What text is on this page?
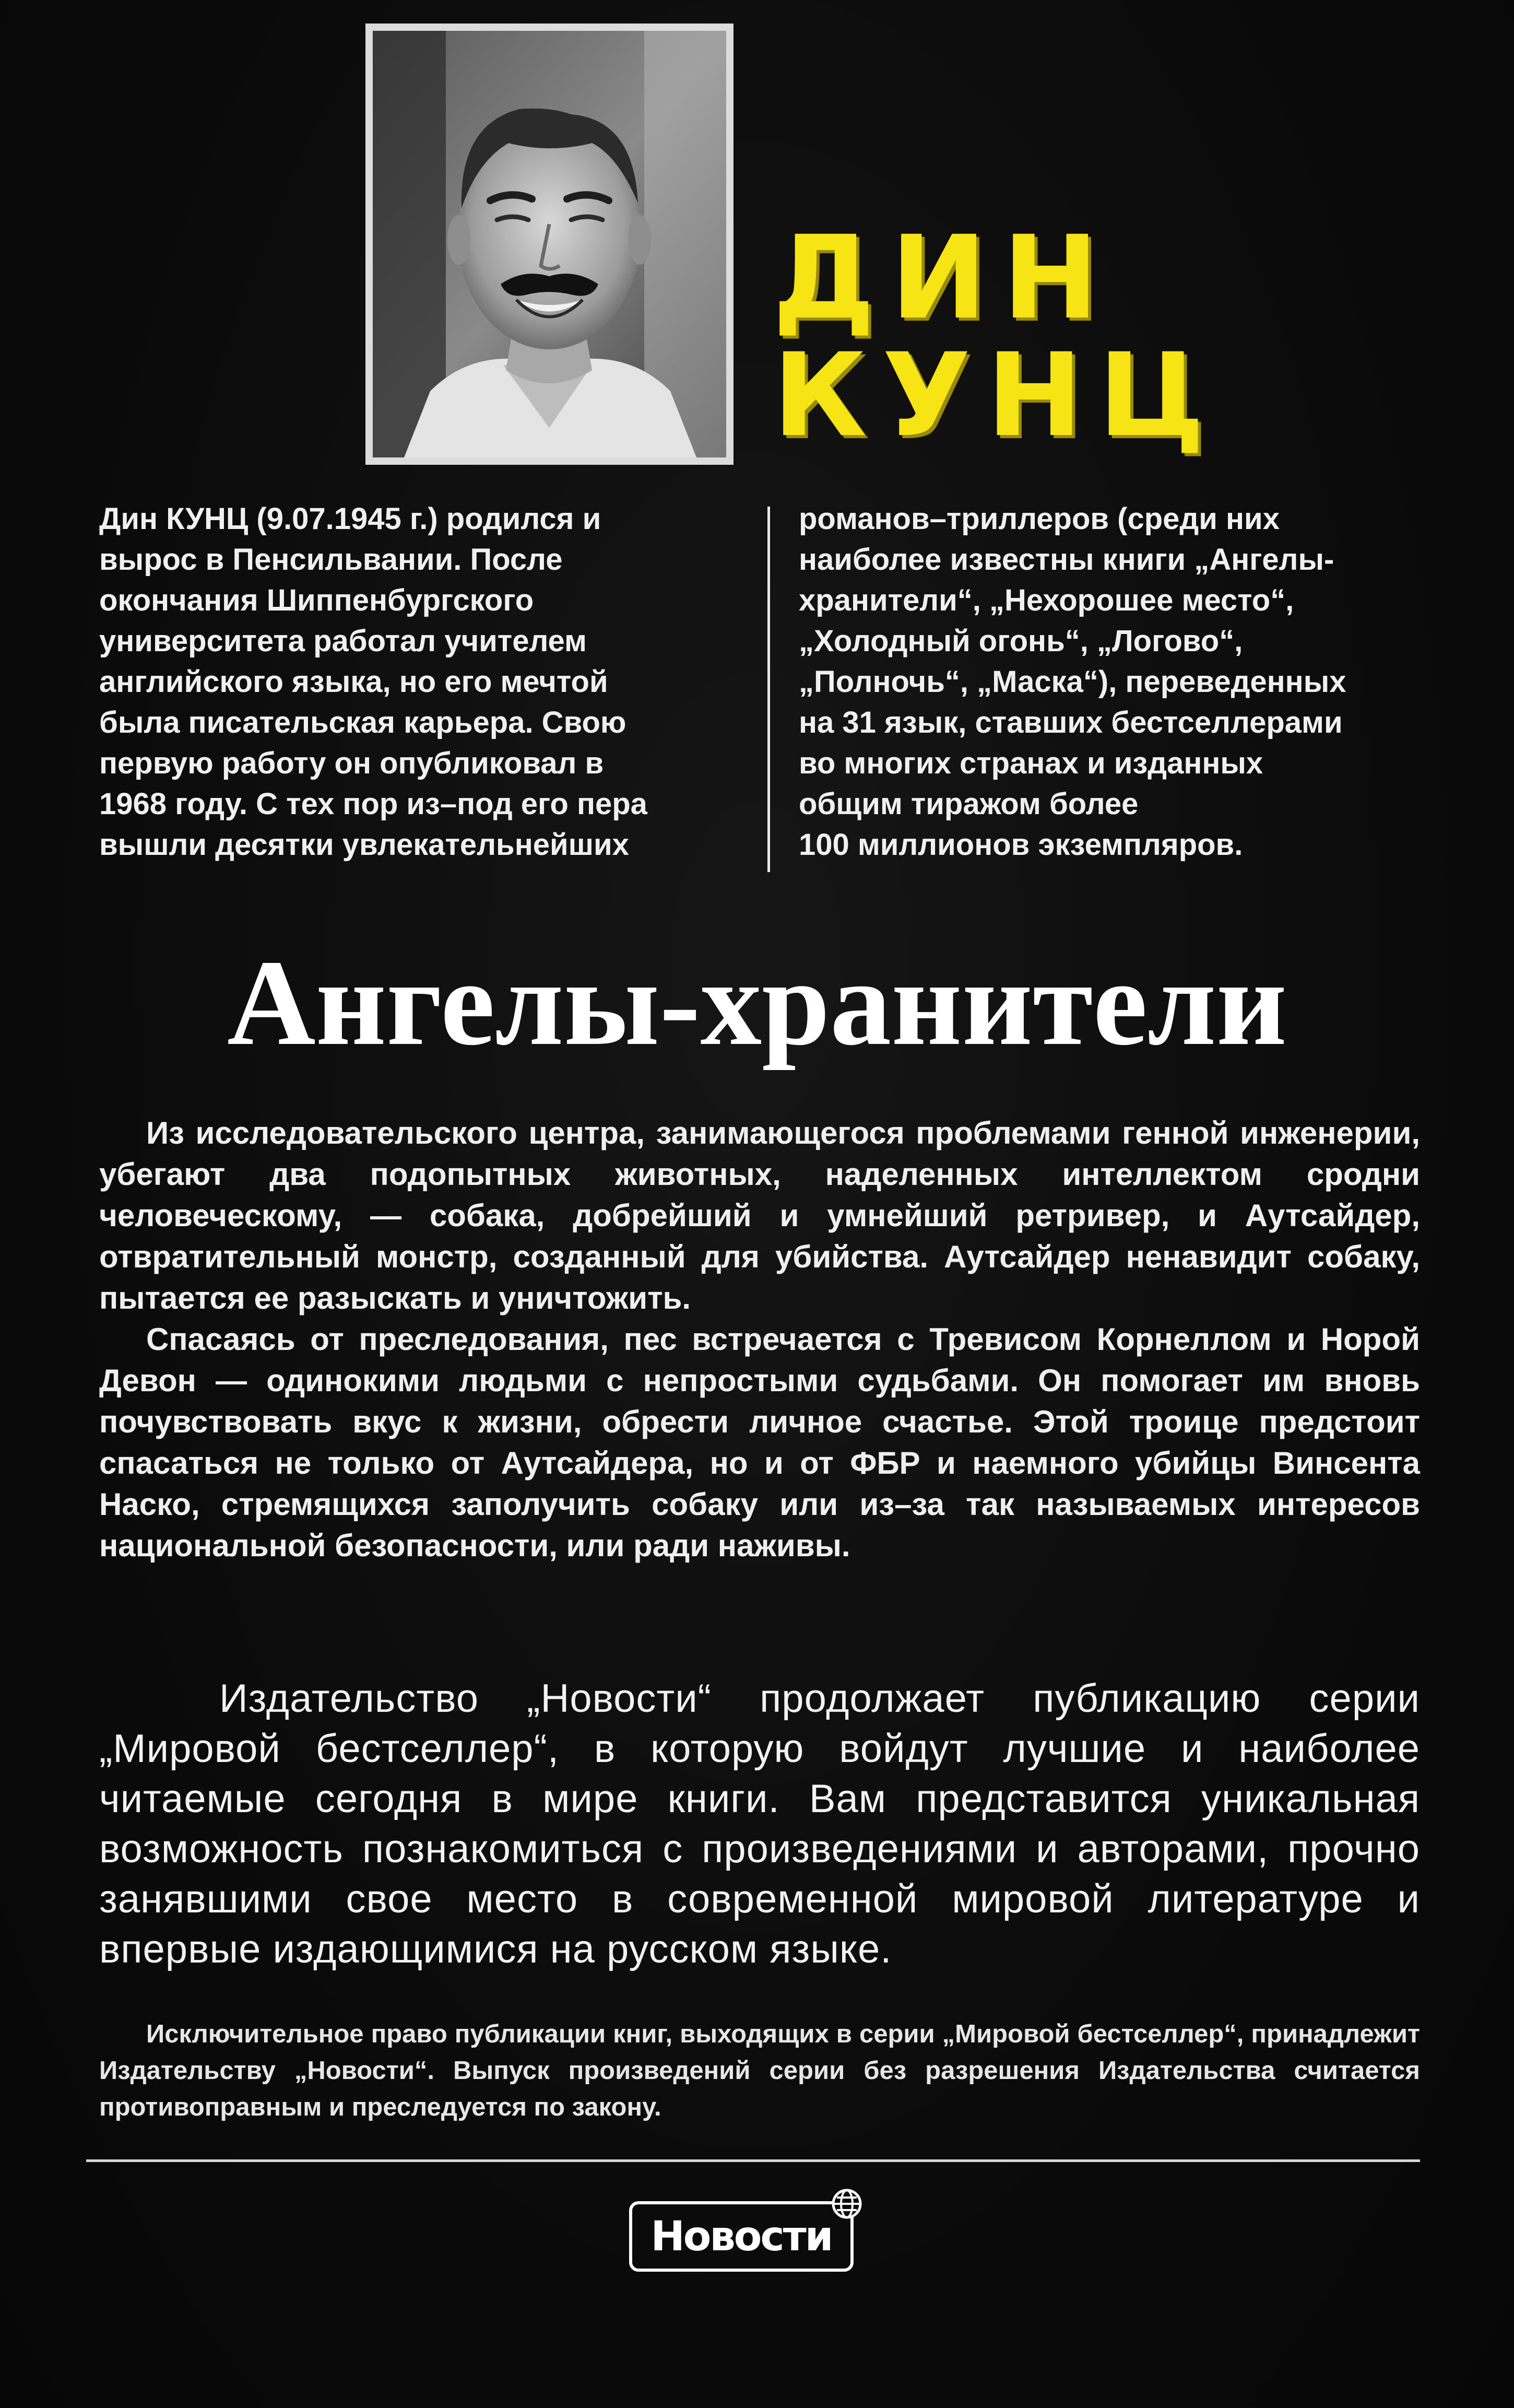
ДИН
КУНЦ

Дин КУНЦ (9.07.1945 г.) родился и
вырос в Пенсильвании. После
окончания Шиппенбургского
университета работал учителем
английского языка, но его мечтой
была писательская карьера. Свою
первую работу он опубликовал в
1968 году. С тех пор из–под его пера
вышли десятки увлекательнейших

романов–триллеров (среди них
наиболее известны книги „Ангелы-
хранители“, „Нехорошее место“,
„Холодный огонь“, „Логово“,
„Полночь“, „Маска“), переведенных
на 31 язык, ставших бестселлерами
во многих странах и изданных
общим тиражом более
100 миллионов экземпляров.

Ангелы-хранители

Из исследовательского центра, занимающегося проблемами генной инженерии, убегают два подопытных животных, наделенных интеллектом сродни человеческому, — собака, добрейший и умнейший ретривер, и Аутсайдер, отвратительный монстр, созданный для убийства. Аутсайдер ненавидит собаку, пытается ее разыскать и уничтожить.

Спасаясь от преследования, пес встречается с Тревисом Корнеллом и Норой Девон — одинокими людьми с непростыми судьбами. Он помогает им вновь почувствовать вкус к жизни, обрести личное счастье. Этой троице предстоит спасаться не только от Аутсайдера, но и от ФБР и наемного убийцы Винсента Наско, стремящихся заполучить собаку или из–за так называемых интересов национальной безопасности, или ради наживы.

Издательство „Новости“ продолжает публикацию серии „Мировой бестселлер“, в которую войдут лучшие и наиболее читаемые сегодня в мире книги. Вам представится уникальная возможность познакомиться с произведениями и авторами, прочно занявшими свое место в современной мировой литературе и впервые издающимися на русском языке.

Исключительное право публикации книг, выходящих в серии „Мировой бестселлер“, принадлежит Издательству „Новости“. Выпуск произведений серии без разрешения Издательства считается противоправным и преследуется по закону.

Новости
